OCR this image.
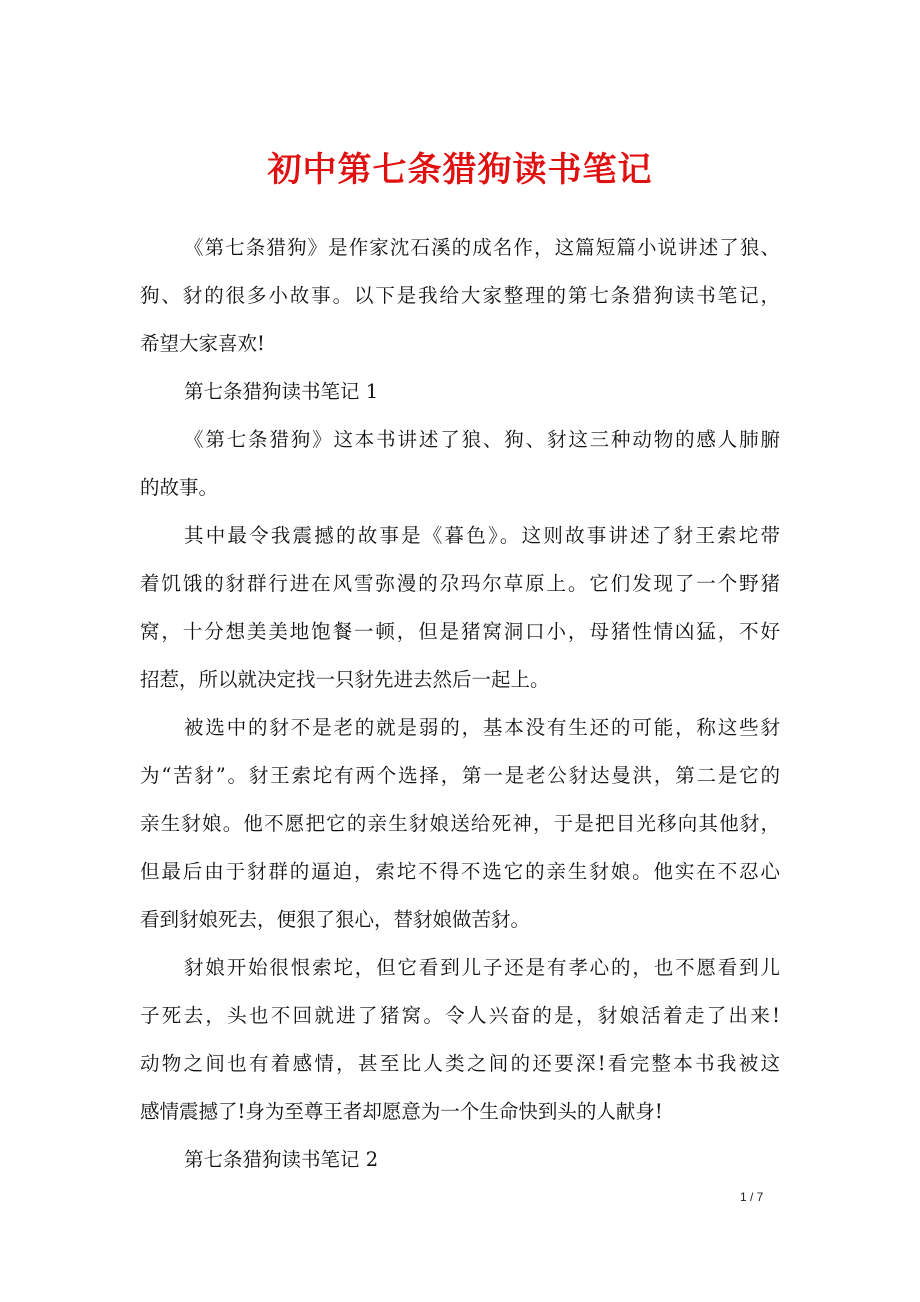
初中第七条猎狗读书笔记
《第七条猎狗》是作家沈石溪的成名作，这篇短篇小说讲述了狼、
狗、豺的很多小故事。以下是我给大家整理的第七条猎狗读书笔记，
希望大家喜欢!
第七条猎狗读书笔记 1
《第七条猎狗》这本书讲述了狼、狗、豺这三种动物的感人肺腑
的故事。
其中最令我震撼的故事是《暮色》。这则故事讲述了豺王索坨带
着饥饿的豺群行进在风雪弥漫的尕玛尔草原上。它们发现了一个野猪
窝，十分想美美地饱餐一顿，但是猪窝洞口小，母猪性情凶猛，不好
招惹，所以就决定找一只豺先进去然后一起上。
被选中的豺不是老的就是弱的，基本没有生还的可能，称这些豺
为“苦豺”。豺王索坨有两个选择，第一是老公豺达曼洪，第二是它的
亲生豺娘。他不愿把它的亲生豺娘送给死神，于是把目光移向其他豺，
但最后由于豺群的逼迫，索坨不得不选它的亲生豺娘。他实在不忍心
看到豺娘死去，便狠了狠心，替豺娘做苦豺。
豺娘开始很恨索坨，但它看到儿子还是有孝心的，也不愿看到儿
子死去，头也不回就进了猪窝。令人兴奋的是，豺娘活着走了出来!
动物之间也有着感情，甚至比人类之间的还要深!看完整本书我被这
感情震撼了!身为至尊王者却愿意为一个生命快到头的人献身!
第七条猎狗读书笔记 2
1 / 7
